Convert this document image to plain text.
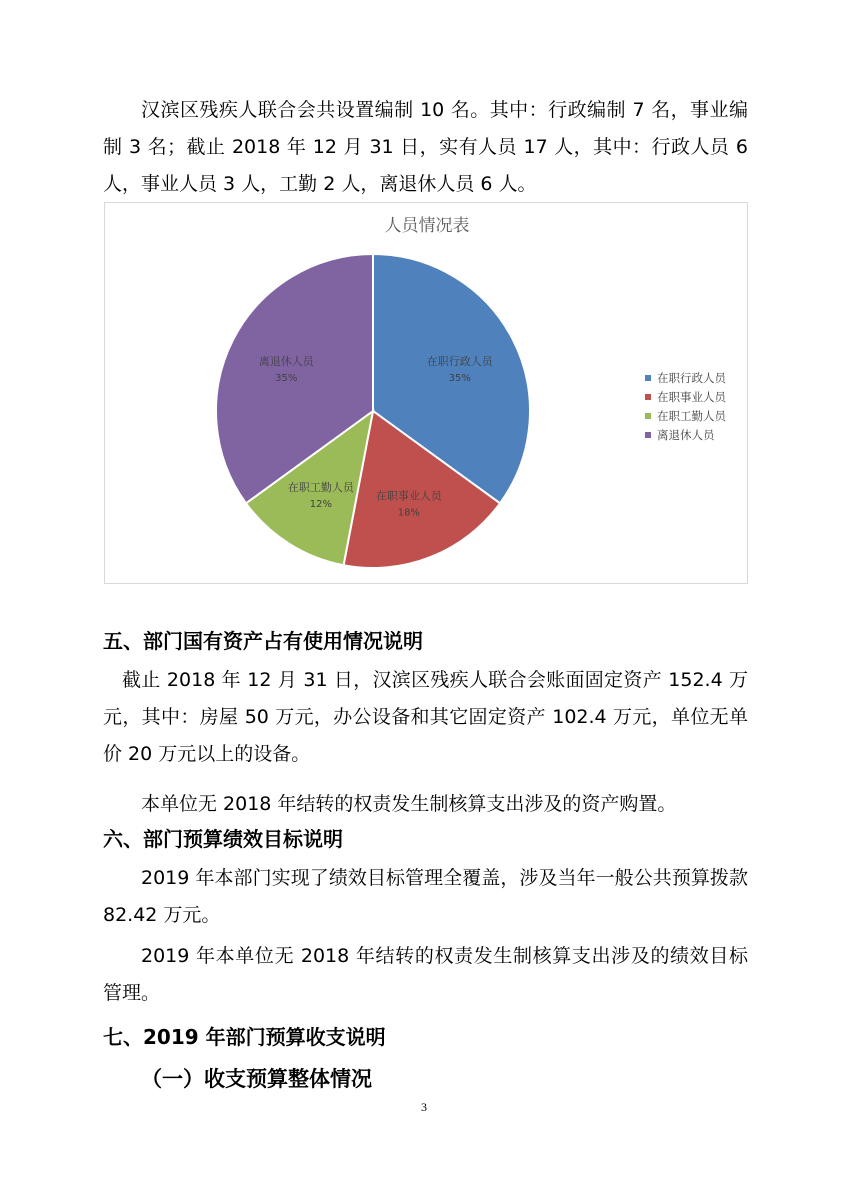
汉滨区残疾人联合会共设置编制 10 名。其中：行政编制 7 名，事业编制 3 名；截止 2018 年 12 月 31 日，实有人员 17 人，其中：行政人员 6 人，事业人员 3 人，工勤 2 人，离退休人员 6 人。

人员情况表
在职行政人员
35%
在职事业人员
18%
在职工勤人员
12%
离退休人员
35%	在职行政人员
在职事业人员
在职工勤人员
离退休人员
五、部门国有资产占有使用情况说明

截止 2018 年 12 月 31 日，汉滨区残疾人联合会账面固定资产 152.4 万元，其中：房屋 50 万元，办公设备和其它固定资产 102.4 万元，单位无单价 20 万元以上的设备。

本单位无 2018 年结转的权责发生制核算支出涉及的资产购置。

六、部门预算绩效目标说明

2019 年本部门实现了绩效目标管理全覆盖，涉及当年一般公共预算拨款 82.42 万元。

2019 年本单位无 2018 年结转的权责发生制核算支出涉及的绩效目标管理。

七、2019 年部门预算收支说明
（一）收支预算整体情况
3
